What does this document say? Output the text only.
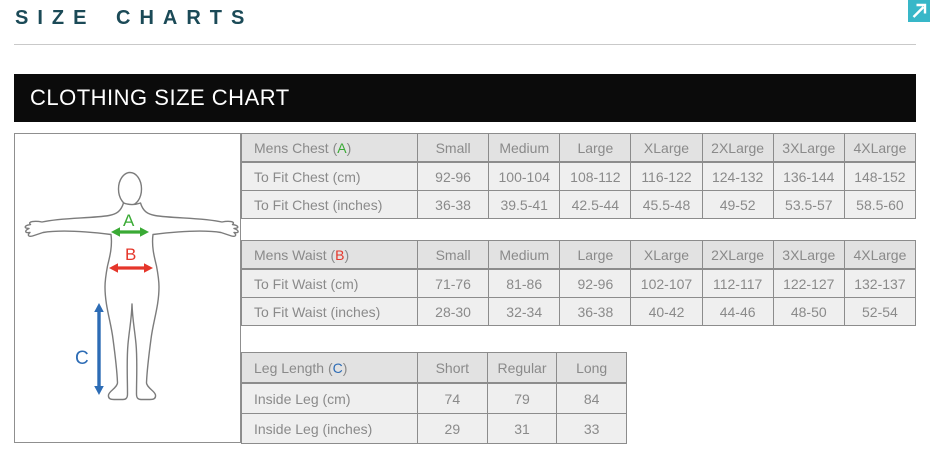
SIZE CHARTS
CLOTHING SIZE CHART
A
B
C
Mens Chest (A)	Small	Medium	Large	XLarge	2XLarge	3XLarge	4XLarge
To Fit Chest (cm)	92-96	100-104	108-112	116-122	124-132	136-144	148-152
To Fit Chest (inches)	36-38	39.5-41	42.5-44	45.5-48	49-52	53.5-57	58.5-60
Mens Waist (B)	Small	Medium	Large	XLarge	2XLarge	3XLarge	4XLarge
To Fit Waist (cm)	71-76	81-86	92-96	102-107	112-117	122-127	132-137
To Fit Waist (inches)	28-30	32-34	36-38	40-42	44-46	48-50	52-54
Leg Length (C)	Short	Regular	Long
Inside Leg (cm)	74	79	84
Inside Leg (inches)	29	31	33
